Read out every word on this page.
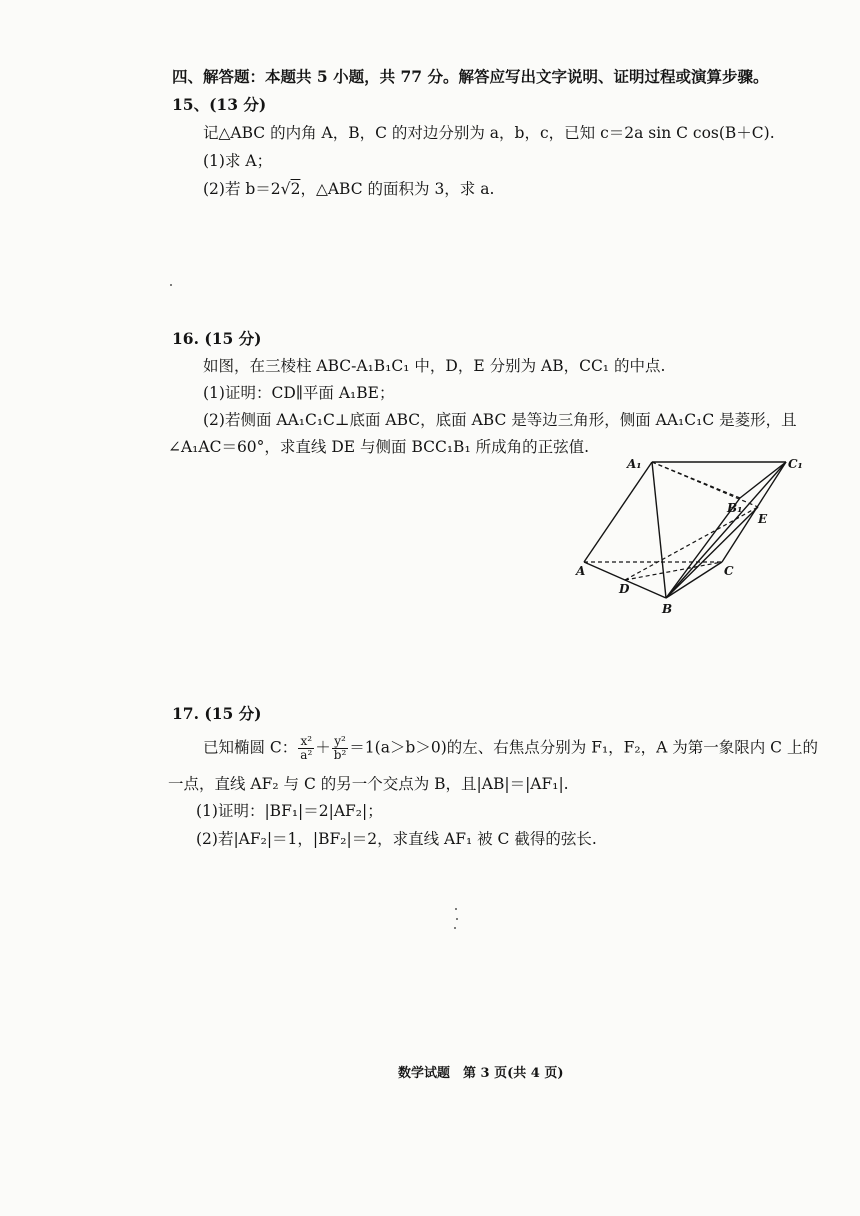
四、解答题：本题共 5 小题，共 77 分。解答应写出文字说明、证明过程或演算步骤。
15、(13 分)
记△ABC 的内角 A，B，C 的对边分别为 a，b，c，已知 c＝2a sin C cos(B＋C).
(1)求 A；
(2)若 b＝2√2，△ABC 的面积为 3，求 a.
16. (15 分)
如图，在三棱柱 ABC-A₁B₁C₁ 中，D，E 分别为 AB，CC₁ 的中点.
(1)证明：CD∥平面 A₁BE；
(2)若侧面 AA₁C₁C⊥底面 ABC，底面 ABC 是等边三角形，侧面 AA₁C₁C 是菱形，且
∠A₁AC＝60°，求直线 DE 与侧面 BCC₁B₁ 所成角的正弦值.
A₁	C₁
B₁
E
A	C
D
B
17. (15 分)
已知椭圆 C： $\frac{\text{x²}}{\text{a²}} + \frac{\text{y²}}{\text{b²}} =1(a>b>0)$的左、右焦点分别为 F₁，F₂，A 为第一象限内 C 上的
一点，直线 AF₂ 与 C 的另一个交点为 B，且|AB|＝|AF₁|.
(1)证明：|BF₁|＝2|AF₂|；
(2)若|AF₂|＝1，|BF₂|＝2，求直线 AF₁ 被 C 截得的弦长.
数学试题　第 3 页(共 4 页)
